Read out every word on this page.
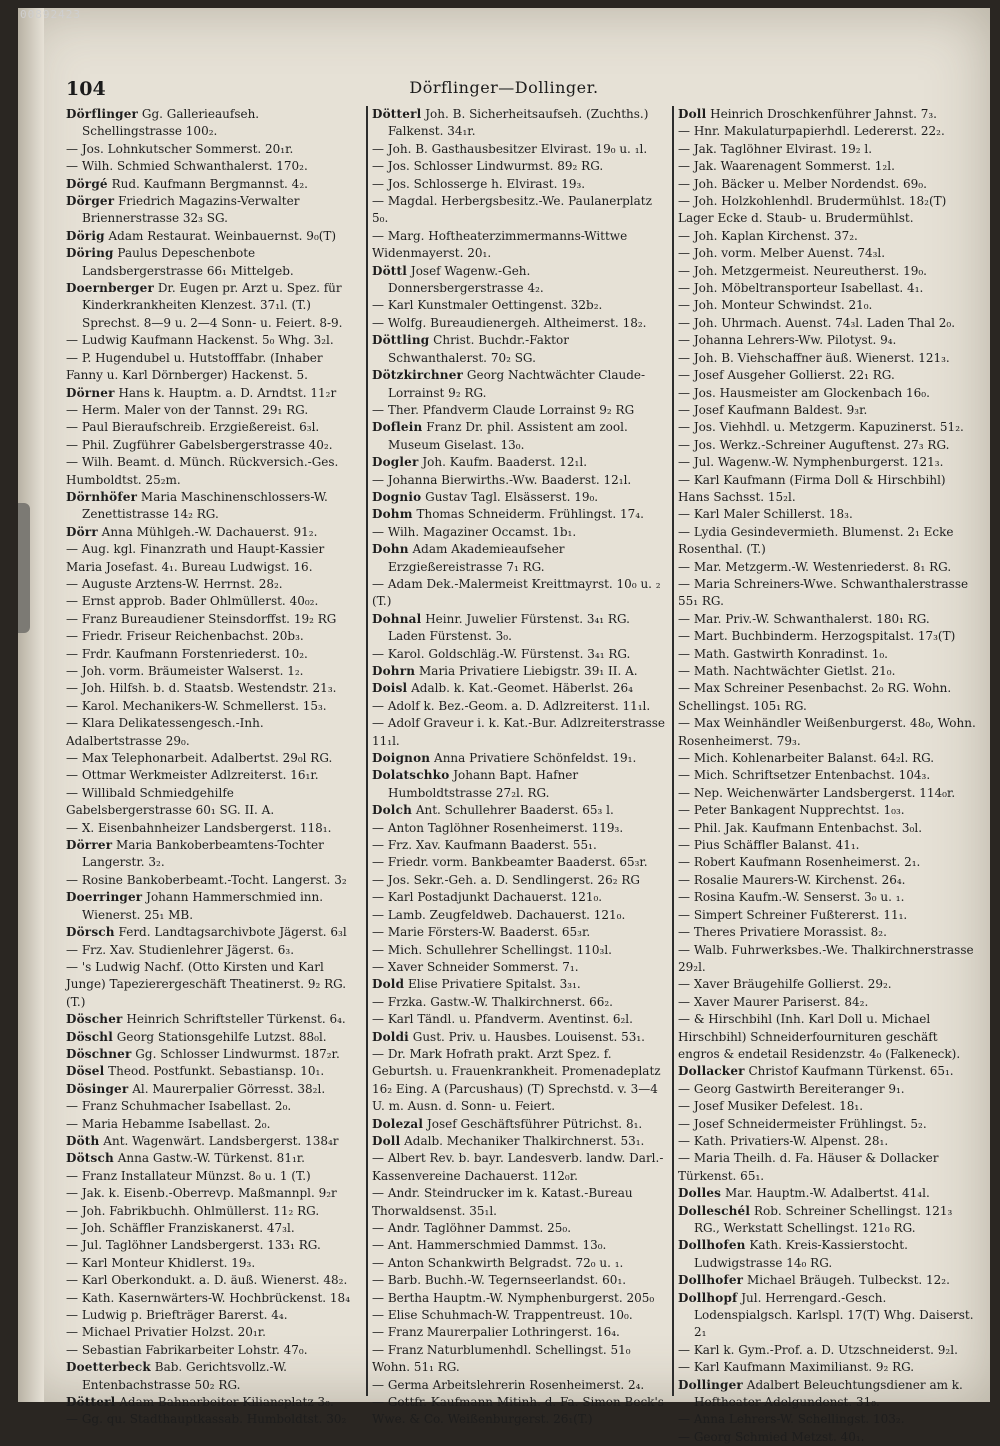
00892423
104	Dörflinger—Dollinger.

Dörflinger Gg. Gallerieaufseh. Schellingstrasse 100₂.

— Jos. Lohnkutscher Sommerst. 20₁r.

— Wilh. Schmied Schwanthalerst. 170₂.

Dörgé Rud. Kaufmann Bergmannst. 4₂.

Dörger Friedrich Magazins-Verwalter Briennerstrasse 32₃ SG.

Dörig Adam Restaurat. Weinbauernst. 9₀(T)

Döring Paulus Depeschenbote Landsbergerstrasse 66₁ Mittelgeb.

Doernberger Dr. Eugen pr. Arzt u. Spez. für Kinderkrankheiten Klenzest. 37₁l. (T.) Sprechst. 8—9 u. 2—4 Sonn- u. Feiert. 8-9.

— Ludwig Kaufmann Hackenst. 5₀ Whg. 3₂l.

— P. Hugendubel u. Hutstofffabr. (Inhaber Fanny u. Karl Dörnberger) Hackenst. 5.

Dörner Hans k. Hauptm. a. D. Arndtst. 11₂r

— Herm. Maler von der Tannst. 29₁ RG.

— Paul Bieraufschreib. Erzgießereist. 6₃l.

— Phil. Zugführer Gabelsbergerstrasse 40₂.

— Wilh. Beamt. d. Münch. Rückversich.-Ges. Humboldtst. 25₂m.

Dörnhöfer Maria Maschinenschlossers-W. Zenettistrasse 14₂ RG.

Dörr Anna Mühlgeh.-W. Dachauerst. 91₂.

— Aug. kgl. Finanzrath und Haupt-Kassier Maria Josefast. 4₁. Bureau Ludwigst. 16.

— Auguste Arztens-W. Herrnst. 28₂.

— Ernst approb. Bader Ohlmüllerst. 40₀₂.

— Franz Bureaudiener Steinsdorffst. 19₂ RG

— Friedr. Friseur Reichenbachst. 20b₃.

— Frdr. Kaufmann Forstenriederst. 10₂.

— Joh. vorm. Bräumeister Walserst. 1₂.

— Joh. Hilfsh. b. d. Staatsb. Westendstr. 21₃.

— Karol. Mechanikers-W. Schmellerst. 15₃.

— Klara Delikatessengesch.-Inh. Adalbertstrasse 29₀.

— Max Telephonarbeit. Adalbertst. 29₀l RG.

— Ottmar Werkmeister Adlzreiterst. 16₁r.

— Willibald Schmiedgehilfe Gabelsbergerstrasse 60₁ SG. II. A.

— X. Eisenbahnheizer Landsbergerst. 118₁.

Dörrer Maria Bankoberbeamtens-Tochter Langerstr. 3₂.

— Rosine Bankoberbeamt.-Tocht. Langerst. 3₂

Doerringer Johann Hammerschmied inn. Wienerst. 25₁ MB.

Dörsch Ferd. Landtagsarchivbote Jägerst. 6₃l

— Frz. Xav. Studienlehrer Jägerst. 6₃.

— 's Ludwig Nachf. (Otto Kirsten und Karl Junge) Tapezierergeschäft Theatinerst. 9₂ RG. (T.)

Döscher Heinrich Schriftsteller Türkenst. 6₄.

Döschl Georg Stationsgehilfe Lutzst. 88₀l.

Döschner Gg. Schlosser Lindwurmst. 187₂r.

Dösel Theod. Postfunkt. Sebastiansp. 10₁.

Dösinger Al. Maurerpalier Görresst. 38₂l.

— Franz Schuhmacher Isabellast. 2₀.

— Maria Hebamme Isabellast. 2₀.

Döth Ant. Wagenwärt. Landsbergerst. 138₄r

Dötsch Anna Gastw.-W. Türkenst. 81₁r.

— Franz Installateur Münzst. 8₀ u. 1 (T.)

— Jak. k. Eisenb.-Oberrevp. Maßmannpl. 9₂r

— Joh. Fabrikbuchh. Ohlmüllerst. 11₂ RG.

— Joh. Schäffler Franziskanerst. 47₃l.

— Jul. Taglöhner Landsbergerst. 133₁ RG.

— Karl Monteur Khidlerst. 19₃.

— Karl Oberkondukt. a. D. äuß. Wienerst. 48₂.

— Kath. Kasernwärters-W. Hochbrückenst. 18₄

— Ludwig p. Briefträger Barerst. 4₄.

— Michael Privatier Holzst. 20₁r.

— Sebastian Fabrikarbeiter Lohstr. 47₀.

Doetterbeck Bab. Gerichtsvollz.-W. Entenbachstrasse 50₂ RG.

Dötterl Adam Bahnarbeiter Kiliansplatz 3₀.

— Gg. qu. Stadthauptkassab. Humboldtst. 30₂

Dötterl Joh. B. Sicherheitsaufseh. (Zuchths.) Falkenst. 34₁r.

— Joh. B. Gasthausbesitzer Elvirast. 19₀ u. ₁l.

— Jos. Schlosser Lindwurmst. 89₂ RG.

— Jos. Schlosserge h. Elvirast. 19₃.

— Magdal. Herbergsbesitz.-We. Paulanerplatz 5₀.

— Marg. Hoftheaterzimmermanns-Wittwe Widenmayerst. 20₁.

Döttl Josef Wagenw.-Geh. Donnersbergerstrasse 4₂.

— Karl Kunstmaler Oettingenst. 32b₂.

— Wolfg. Bureaudienergeh. Altheimerst. 18₂.

Döttling Christ. Buchdr.-Faktor Schwanthalerst. 70₂ SG.

Dötzkirchner Georg Nachtwächter Claude-Lorrainst 9₂ RG.

— Ther. Pfandverm Claude Lorrainst 9₂ RG

Doflein Franz Dr. phil. Assistent am zool. Museum Giselast. 13₀.

Dogler Joh. Kaufm. Baaderst. 12₁l.

— Johanna Bierwirths.-Ww. Baaderst. 12₁l.

Dognio Gustav Tagl. Elsässerst. 19₀.

Dohm Thomas Schneiderm. Frühlingst. 17₄.

— Wilh. Magaziner Occamst. 1b₁.

Dohn Adam Akademieaufseher Erzgießereistrasse 7₁ RG.

— Adam Dek.-Malermeist Kreittmayrst. 10₀ u. ₂ (T.)

Dohnal Heinr. Juwelier Fürstenst. 3₄₁ RG. Laden Fürstenst. 3₀.

— Karol. Goldschläg.-W. Fürstenst. 3₄₁ RG.

Dohrn Maria Privatiere Liebigstr. 39₁ II. A.

Doisl Adalb. k. Kat.-Geomet. Häberlst. 26₄

— Adolf k. Bez.-Geom. a. D. Adlzreiterst. 11₁l.

— Adolf Graveur i. k. Kat.-Bur. Adlzreiterstrasse 11₁l.

Doignon Anna Privatiere Schönfeldst. 19₁.

Dolatschko Johann Bapt. Hafner Humboldtstrasse 27₂l. RG.

Dolch Ant. Schullehrer Baaderst. 65₃ l.

— Anton Taglöhner Rosenheimerst. 119₃.

— Frz. Xav. Kaufmann Baaderst. 55₁.

— Friedr. vorm. Bankbeamter Baaderst. 65₃r.

— Jos. Sekr.-Geh. a. D. Sendlingerst. 26₂ RG

— Karl Postadjunkt Dachauerst. 121₀.

— Lamb. Zeugfeldweb. Dachauerst. 121₀.

— Marie Försters-W. Baaderst. 65₃r.

— Mich. Schullehrer Schellingst. 110₃l.

— Xaver Schneider Sommerst. 7₁.

Dold Elise Privatiere Spitalst. 3₃₁.

— Frzka. Gastw.-W. Thalkirchnerst. 66₂.

— Karl Tändl. u. Pfandverm. Aventinst. 6₂l.

Doldi Gust. Priv. u. Hausbes. Louisenst. 53₁.

— Dr. Mark Hofrath prakt. Arzt Spez. f. Geburtsh. u. Frauenkrankheit. Promenadeplatz 16₂ Eing. A (Parcushaus) (T) Sprechstd. v. 3—4 U. m. Ausn. d. Sonn- u. Feiert.

Dolezal Josef Geschäftsführer Pütrichst. 8₁.

Doll Adalb. Mechaniker Thalkirchnerst. 53₁.

— Albert Rev. b. bayr. Landesverb. landw. Darl.-Kassenvereine Dachauerst. 112₀r.

— Andr. Steindrucker im k. Katast.-Bureau Thorwaldsenst. 35₁l.

— Andr. Taglöhner Dammst. 25₀.

— Ant. Hammerschmied Dammst. 13₀.

— Anton Schankwirth Belgradst. 72₀ u. ₁.

— Barb. Buchh.-W. Tegernseerlandst. 60₁.

— Bertha Hauptm.-W. Nymphenburgerst. 205₀

— Elise Schuhmach-W. Trappentreust. 10₀.

— Franz Maurerpalier Lothringerst. 16₄.

— Franz Naturblumenhdl. Schellingst. 51₀ Wohn. 51₁ RG.

— Germa Arbeitslehrerin Rosenheimerst. 2₄.

— Gottfr. Kaufmann Mitinh. d. Fa. Simon Beck's Wwe. & Co. Weißenburgerst. 26₁(T.)

Doll Heinrich Droschkenführer Jahnst. 7₃.

— Hnr. Makulaturpapierhdl. Ledererst. 22₂.

— Jak. Taglöhner Elvirast. 19₂ l.

— Jak. Waarenagent Sommerst. 1₂l.

— Joh. Bäcker u. Melber Nordendst. 69₀.

— Joh. Holzkohlenhdl. Brudermühlst. 18₂(T) Lager Ecke d. Staub- u. Brudermühlst.

— Joh. Kaplan Kirchenst. 37₂.

— Joh. vorm. Melber Auenst. 74₃l.

— Joh. Metzgermeist. Neureutherst. 19₀.

— Joh. Möbeltransporteur Isabellast. 4₁.

— Joh. Monteur Schwindst. 21₀.

— Joh. Uhrmach. Auenst. 74₃l. Laden Thal 2₀.

— Johanna Lehrers-Ww. Pilotyst. 9₄.

— Joh. B. Viehschaffner äuß. Wienerst. 121₃.

— Josef Ausgeher Gollierst. 22₁ RG.

— Jos. Hausmeister am Glockenbach 16₀.

— Josef Kaufmann Baldest. 9₃r.

— Jos. Viehhdl. u. Metzgerm. Kapuzinerst. 51₂.

— Jos. Werkz.-Schreiner Auguftenst. 27₃ RG.

— Jul. Wagenw.-W. Nymphenburgerst. 121₃.

— Karl Kaufmann (Firma Doll & Hirschbihl) Hans Sachsst. 15₂l.

— Karl Maler Schillerst. 18₃.

— Lydia Gesindevermieth. Blumenst. 2₁ Ecke Rosenthal. (T.)

— Mar. Metzgerm.-W. Westenriederst. 8₁ RG.

— Maria Schreiners-Wwe. Schwanthalerstrasse 55₁ RG.

— Mar. Priv.-W. Schwanthalerst. 180₁ RG.

— Mart. Buchbinderm. Herzogspitalst. 17₃(T)

— Math. Gastwirth Konradinst. 1₀.

— Math. Nachtwächter Gietlst. 21₀.

— Max Schreiner Pesenbachst. 2₀ RG. Wohn. Schellingst. 105₁ RG.

— Max Weinhändler Weißenburgerst. 48₀, Wohn. Rosenheimerst. 79₃.

— Mich. Kohlenarbeiter Balanst. 64₂l. RG.

— Mich. Schriftsetzer Entenbachst. 104₃.

— Nep. Weichenwärter Landsbergerst. 114₀r.

— Peter Bankagent Nupprechtst. 1₀₃.

— Phil. Jak. Kaufmann Entenbachst. 3₀l.

— Pius Schäffler Balanst. 41₁.

— Robert Kaufmann Rosenheimerst. 2₁.

— Rosalie Maurers-W. Kirchenst. 26₄.

— Rosina Kaufm.-W. Senserst. 3₀ u. ₁.

— Simpert Schreiner Fußtererst. 11₁.

— Theres Privatiere Morassist. 8₂.

— Walb. Fuhrwerksbes.-We. Thalkirchnerstrasse 29₂l.

— Xaver Bräugehilfe Gollierst. 29₂.

— Xaver Maurer Pariserst. 84₂.

— & Hirschbihl (Inh. Karl Doll u. Michael Hirschbihl) Schneiderfournituren geschäft engros & endetail Residenzstr. 4₀ (Falkeneck).

Dollacker Christof Kaufmann Türkenst. 65₁.

— Georg Gastwirth Bereiteranger 9₁.

— Josef Musiker Defelest. 18₁.

— Josef Schneidermeister Frühlingst. 5₂.

— Kath. Privatiers-W. Alpenst. 28₁.

— Maria Theilh. d. Fa. Häuser & Dollacker Türkenst. 65₁.

Dolles Mar. Hauptm.-W. Adalbertst. 41₄l.

Dolleschél Rob. Schreiner Schellingst. 121₃ RG., Werkstatt Schellingst. 121₀ RG.

Dollhofen Kath. Kreis-Kassierstocht. Ludwigstrasse 14₀ RG.

Dollhofer Michael Bräugeh. Tulbeckst. 12₂.

Dollhopf Jul. Herrengard.-Gesch. Lodenspialgsch. Karlspl. 17(T) Whg. Daiserst. 2₁

— Karl k. Gym.-Prof. a. D. Utzschneiderst. 9₂l.

— Karl Kaufmann Maximilianst. 9₂ RG.

Dollinger Adalbert Beleuchtungsdiener am k. Hoftheater Adelgundenst. 31₀.

— Anna Lehrers-W. Schellingst. 103₂.

— Georg Schmied Metzst. 40₁.
